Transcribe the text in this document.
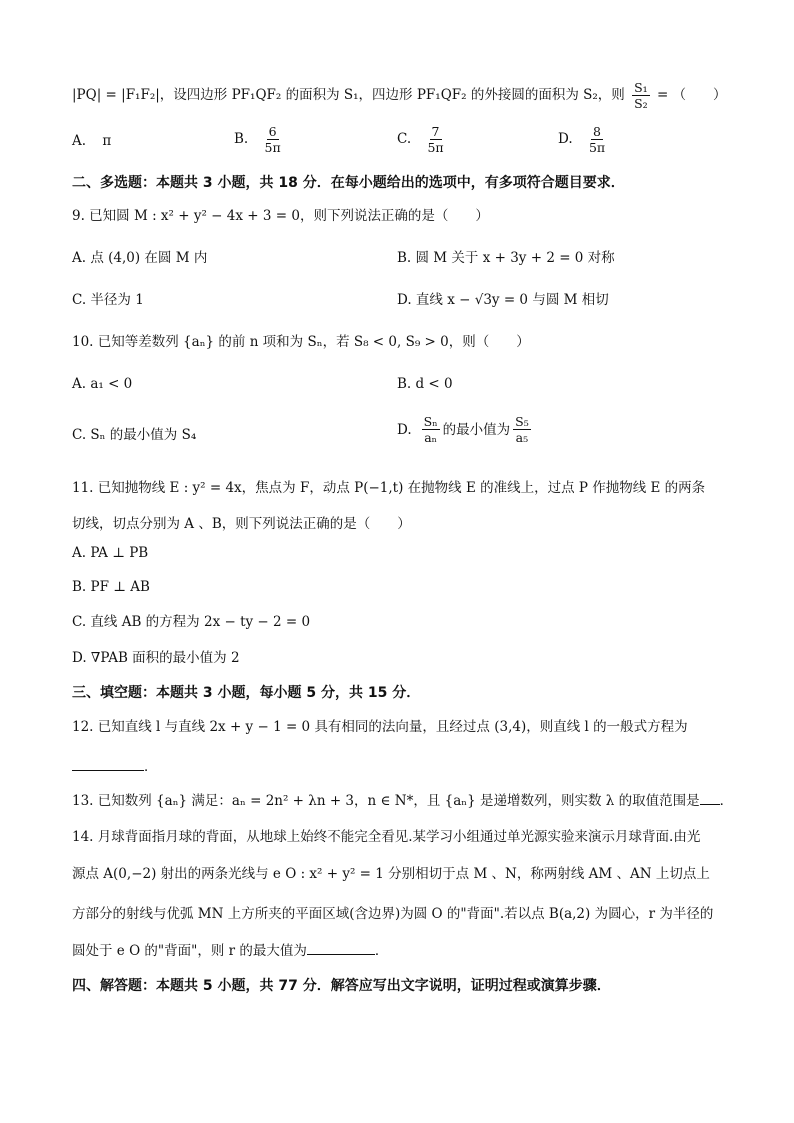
|PQ| = |F₁F₂|，设四边形 PF₁QF₂ 的面积为 S₁，四边形 PF₁QF₂ 的外接圆的面积为 S₂，则 $\frac{\text{S₁}}{\text{S₂}}$ = （　　）
A. π	B. $\frac{6}{5\pi}$	C. $\frac{7}{5\pi}$	D. $\frac{8}{5\pi}$
二、多选题：本题共 3 小题，共 18 分．在每小题给出的选项中，有多项符合题目要求．
9. 已知圆 M : x² + y² − 4x + 3 = 0，则下列说法正确的是（　　）
A. 点 (4,0) 在圆 M 内	B. 圆 M 关于 x + 3y + 2 = 0 对称
C. 半径为 1	D. 直线 x − √3y = 0 与圆 M 相切
10. 已知等差数列 {aₙ} 的前 n 项和为 Sₙ，若 S₈ < 0, S₉ > 0，则（　　）
A. a₁ < 0	B. d < 0
C. Sₙ 的最小值为 S₄	D. $\frac{\text{Sₙ}}{\text{aₙ}}$ 的最小值为 $\frac{\text{S₅}}{\text{a₅}}$
11. 已知抛物线 E : y² = 4x，焦点为 F，动点 P(−1,t) 在抛物线 E 的准线上，过点 P 作抛物线 E 的两条
切线，切点分别为 A 、B，则下列说法正确的是（　　）
A. PA ⊥ PB
B. PF ⊥ AB
C. 直线 AB 的方程为 2x − ty − 2 = 0
D. ∇PAB 面积的最小值为 2
三、填空题：本题共 3 小题，每小题 5 分，共 15 分．
12. 已知直线 l 与直线 2x + y − 1 = 0 具有相同的法向量，且经过点 (3,4)，则直线 l 的一般式方程为
．
13. 已知数列 {aₙ} 满足：aₙ = 2n² + λn + 3，n ∈ N*，且 {aₙ} 是递增数列，则实数 λ 的取值范围是 ．
14. 月球背面指月球的背面，从地球上始终不能完全看见.某学习小组通过单光源实验来演示月球背面.由光
源点 A(0,−2) 射出的两条光线与 e O : x² + y² = 1 分别相切于点 M 、N，称两射线 AM 、AN 上切点上
方部分的射线与优弧 MN 上方所夹的平面区域(含边界)为圆 O 的"背面".若以点 B(a,2) 为圆心，r 为半径的
圆处于 e O 的"背面"，则 r 的最大值为	．
四、解答题：本题共 5 小题，共 77 分．解答应写出文字说明，证明过程或演算步骤．
